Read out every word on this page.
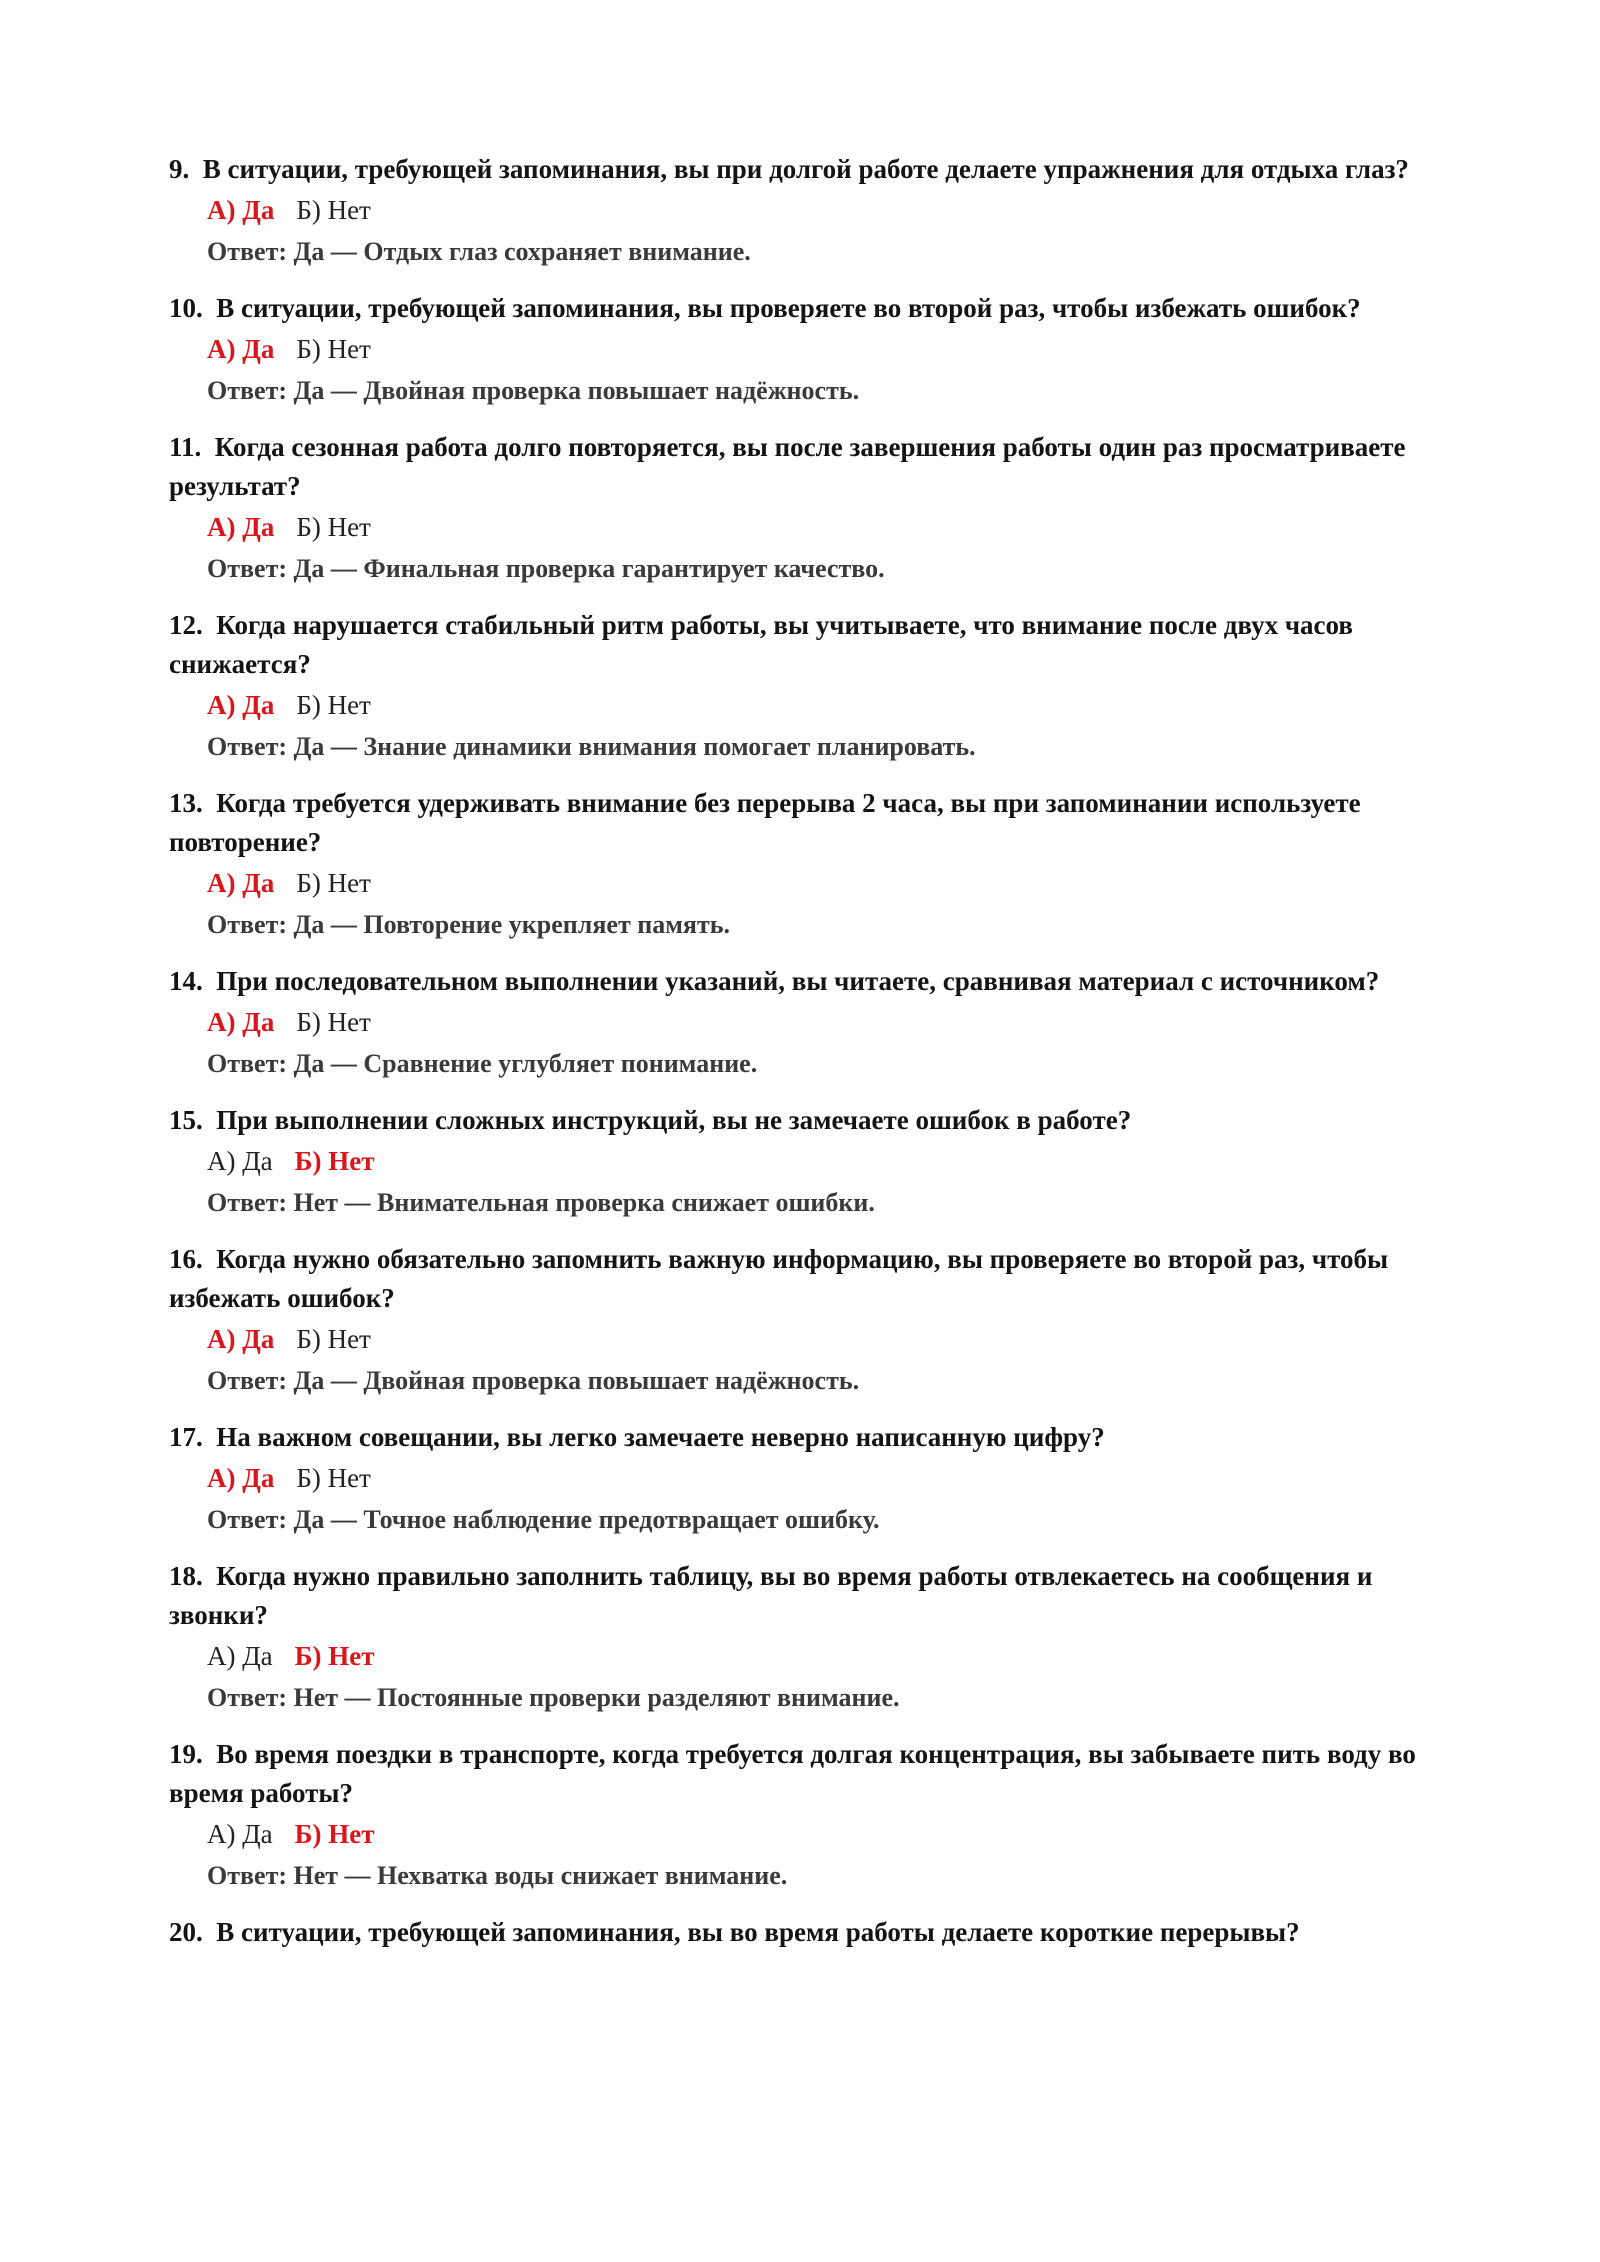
9. В ситуации, требующей запоминания, вы при долгой работе делаете упражнения для отдыха глаз?
А) Да Б) Нет
Ответ: Да — Отдых глаз сохраняет внимание.
10. В ситуации, требующей запоминания, вы проверяете во второй раз, чтобы избежать ошибок?
А) Да Б) Нет
Ответ: Да — Двойная проверка повышает надёжность.
11. Когда сезонная работа долго повторяется, вы после завершения работы один раз просматриваете результат?
А) Да Б) Нет
Ответ: Да — Финальная проверка гарантирует качество.
12. Когда нарушается стабильный ритм работы, вы учитываете, что внимание после двух часов снижается?
А) Да Б) Нет
Ответ: Да — Знание динамики внимания помогает планировать.
13. Когда требуется удерживать внимание без перерыва 2 часа, вы при запоминании используете повторение?
А) Да Б) Нет
Ответ: Да — Повторение укрепляет память.
14. При последовательном выполнении указаний, вы читаете, сравнивая материал с источником?
А) Да Б) Нет
Ответ: Да — Сравнение углубляет понимание.
15. При выполнении сложных инструкций, вы не замечаете ошибок в работе?
А) Да Б) Нет
Ответ: Нет — Внимательная проверка снижает ошибки.
16. Когда нужно обязательно запомнить важную информацию, вы проверяете во второй раз, чтобы избежать ошибок?
А) Да Б) Нет
Ответ: Да — Двойная проверка повышает надёжность.
17. На важном совещании, вы легко замечаете неверно написанную цифру?
А) Да Б) Нет
Ответ: Да — Точное наблюдение предотвращает ошибку.
18. Когда нужно правильно заполнить таблицу, вы во время работы отвлекаетесь на сообщения и звонки?
А) Да Б) Нет
Ответ: Нет — Постоянные проверки разделяют внимание.
19. Во время поездки в транспорте, когда требуется долгая концентрация, вы забываете пить воду во время работы?
А) Да Б) Нет
Ответ: Нет — Нехватка воды снижает внимание.
20. В ситуации, требующей запоминания, вы во время работы делаете короткие перерывы?
